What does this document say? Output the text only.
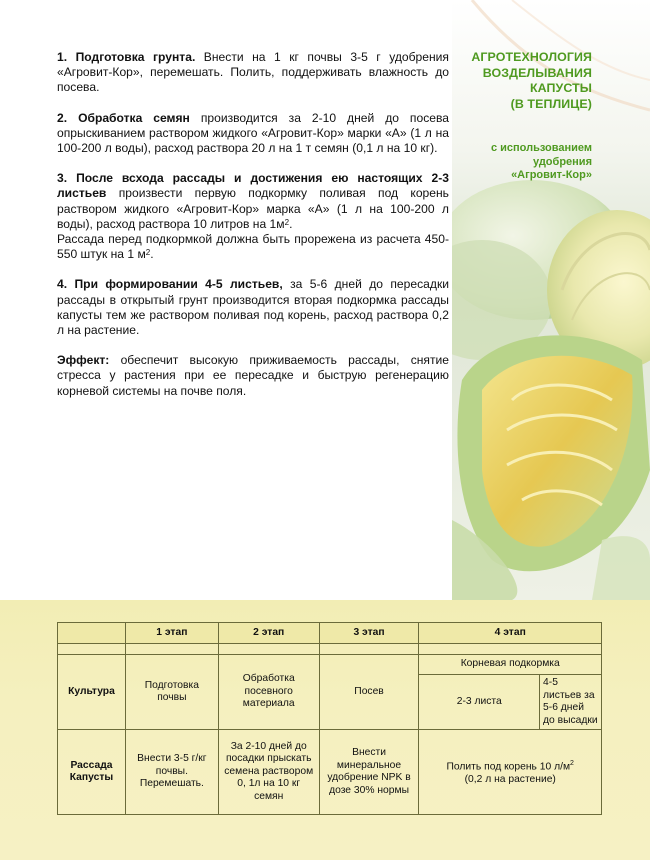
1. Подготовка грунта. Внести на 1 кг почвы 3-5 г удобрения «Агровит-Кор», перемешать. Полить, поддерживать влажность до посева.

2. Обработка семян производится за 2-10 дней до посева опрыскиванием раствором жидкого «Агровит-Кор» марки «А» (1 л на 100-200 л воды), расход раствора 20 л на 1 т семян (0,1 л на 10 кг).

3. После всхода рассады и достижения ею настоящих 2-3 листьев произвести первую подкормку поливая под корень раствором жидкого «Агровит-Кор» марка «А» (1 л на 100-200 л воды), расход раствора 10 литров на $1м^2$.
Рассада перед подкормкой должна быть прорежена из расчета 450-550 штук на 1 $м^2$.

4. При формировании 4-5 листьев, за 5-6 дней до пересадки рассады в открытый грунт производится вторая подкормка рассады капусты тем же раствором поливая под корень, расход раствора 0,2 л на растение.

Эффект: обеспечит высокую приживаемость рассады, снятие стресса у растения при ее пересадке и быструю регенерацию корневой системы на почве поля.

АГРОТЕХНОЛОГИЯ
ВОЗДЕЛЫВАНИЯ
КАПУСТЫ
(В ТЕПЛИЦЕ)
с использованием
удобрения
«Агровит-Кор»
	1 этап	2 этап	3 этап	4 этап	

Культура	Подготовка почвы	Обработка посевного материала	Посев	Корневая подкормка	
				2-3 листа	4-5 листьев за 5-6 дней до высадки
Рассада Капусты	Внести 3-5 г/кг почвы. Перемешать.	За 2-10 дней до посадки прыскать семена раствором 0, 1л на 10 кг семян	Внести минеральное удобрение NPK в дозе 30% нормы	Полить под корень 10 $л/м^2$
(0,2 л на растение)	
